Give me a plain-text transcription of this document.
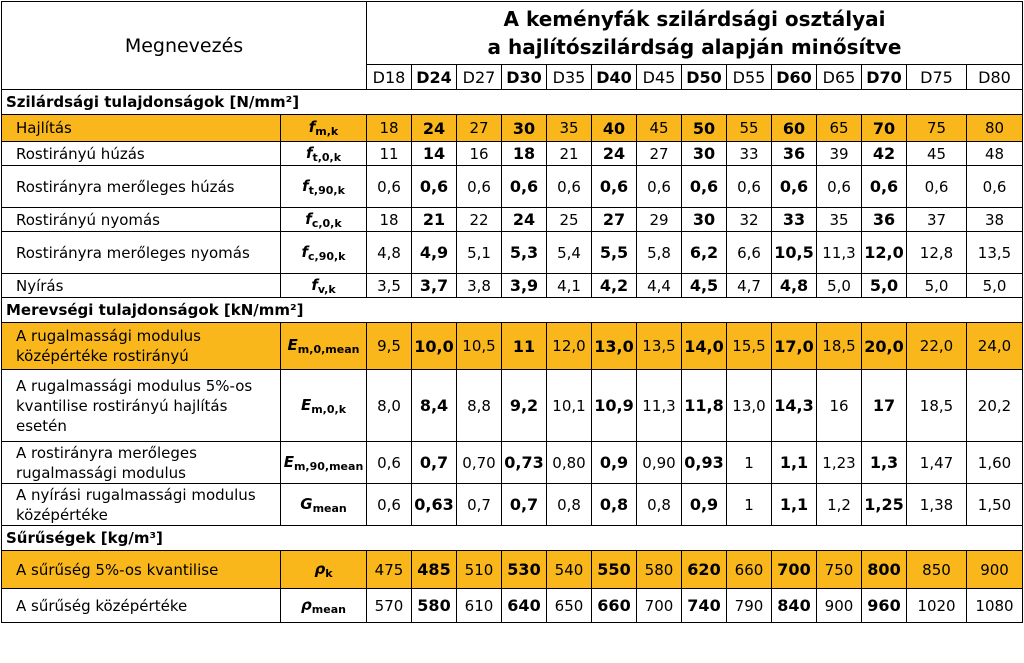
Megnevezés		A keményfák szilárdsági osztályai
a hajlítószilárdság alapján minősítve													

		D18	D24	D27	D30	D35	D40	D45	D50	D55	D60	D65	D70	D75	D80
Szilárdsági tulajdonságok [N/mm²]															
Hajlítás	$f_{m,k}$	18	24	27	30	35	40	45	50	55	60	65	70	75	80
Rostirányú húzás	$f_{t,0,k}$	11	14	16	18	21	24	27	30	33	36	39	42	45	48
Rostirányra merőleges húzás	$f_{t,90,k}$	0,6	0,6	0,6	0,6	0,6	0,6	0,6	0,6	0,6	0,6	0,6	0,6	0,6	0,6
Rostirányú nyomás	$f_{c,0,k}$	18	21	22	24	25	27	29	30	32	33	35	36	37	38
Rostirányra merőleges nyomás	$f_{c,90,k}$	4,8	4,9	5,1	5,3	5,4	5,5	5,8	6,2	6,6	10,5	11,3	12,0	12,8	13,5
Nyírás	$f_{v,k}$	3,5	3,7	3,8	3,9	4,1	4,2	4,4	4,5	4,7	4,8	5,0	5,0	5,0	5,0
Merevségi tulajdonságok [kN/mm²]															
A rugalmassági modulus középértéke rostirányú	$E_{m,0,mean}$	9,5	10,0	10,5	11	12,0	13,0	13,5	14,0	15,5	17,0	18,5	20,0	22,0	24,0
A rugalmassági modulus 5%-os kvantilise rostirányú hajlítás esetén	$E_{m,0,k}$	8,0	8,4	8,8	9,2	10,1	10,9	11,3	11,8	13,0	14,3	16	17	18,5	20,2
A rostirányra merőleges rugalmassági modulus	$E_{m,90,mean}$	0,6	0,7	0,70	0,73	0,80	0,9	0,90	0,93	1	1,1	1,23	1,3	1,47	1,60
A nyírási rugalmassági modulus középértéke	$G_{mean}$	0,6	0,63	0,7	0,7	0,8	0,8	0,8	0,9	1	1,1	1,2	1,25	1,38	1,50
Sűrűségek [kg/m³]															
A sűrűség 5%-os kvantilise	$\rho_k$	475	485	510	530	540	550	580	620	660	700	750	800	850	900
A sűrűség középértéke	$\rho_{mean}$	570	580	610	640	650	660	700	740	790	840	900	960	1020	1080
